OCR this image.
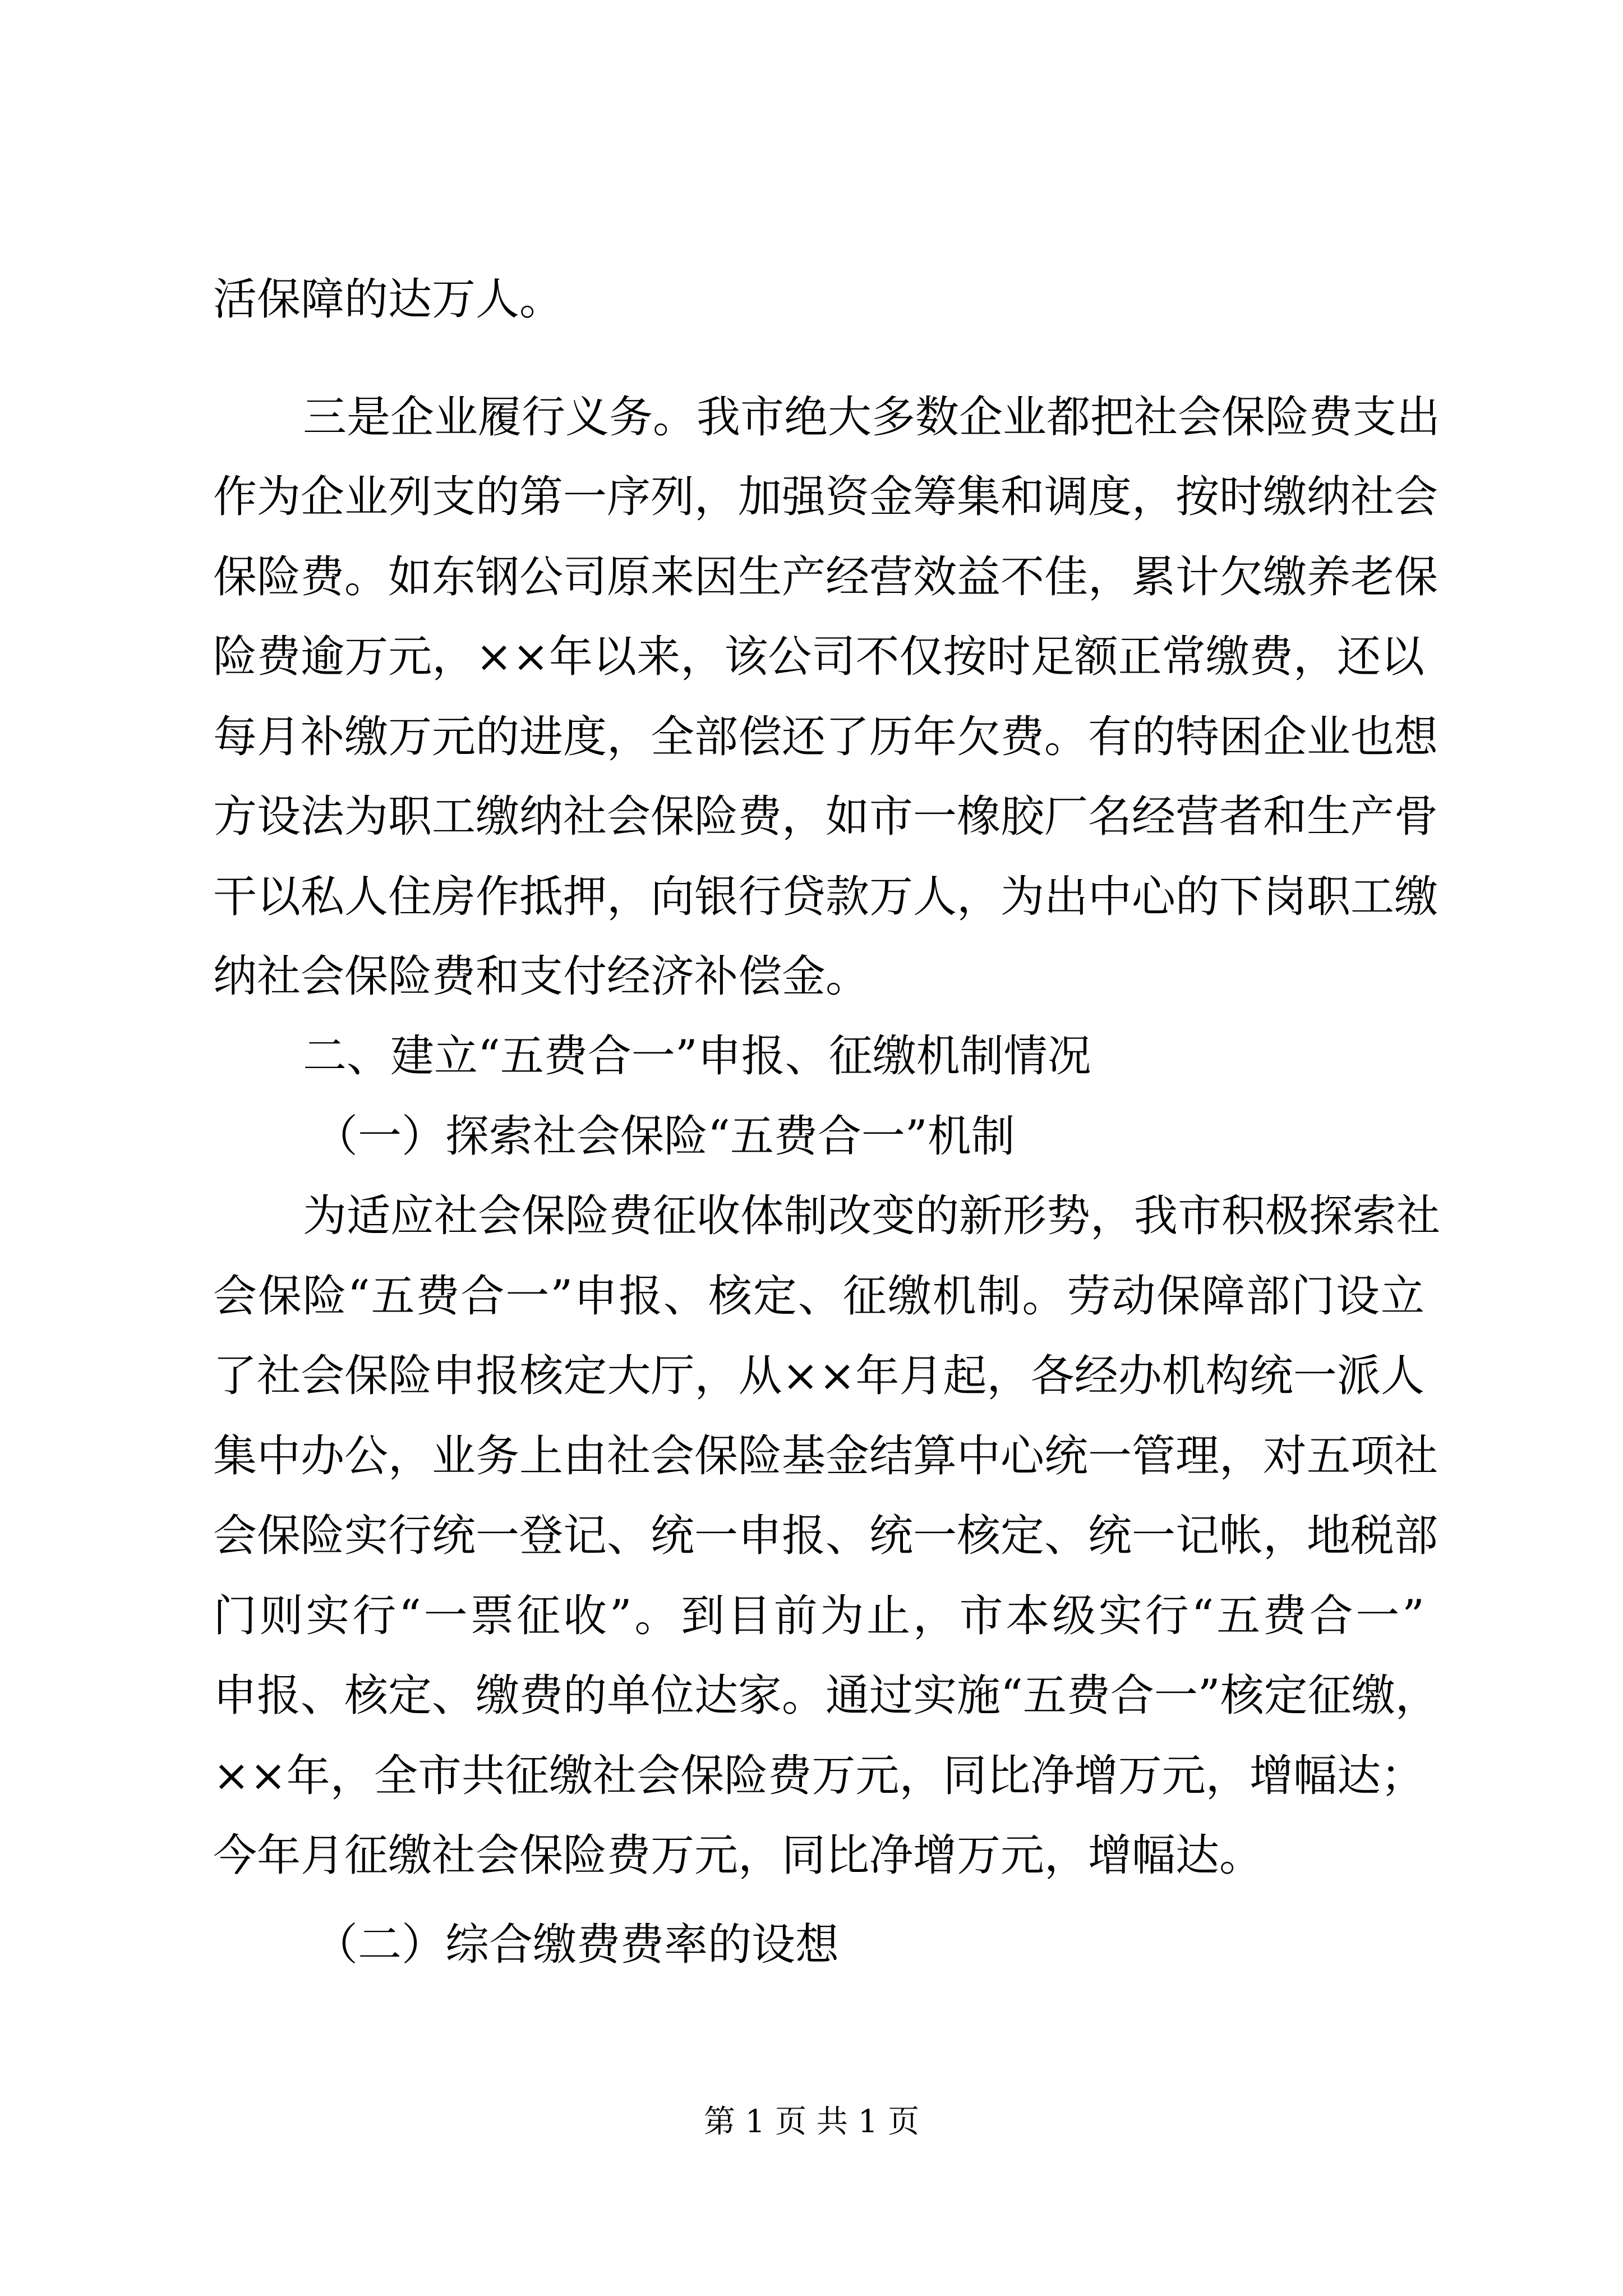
活保障的达万人。
三是企业履行义务。我市绝大多数企业都把社会保险费支出
作为企业列支的第一序列，加强资金筹集和调度，按时缴纳社会
保险费。如东钢公司原来因生产经营效益不佳，累计欠缴养老保
险费逾万元，××年以来，该公司不仅按时足额正常缴费，还以
每月补缴万元的进度，全部偿还了历年欠费。有的特困企业也想
方设法为职工缴纳社会保险费，如市一橡胶厂名经营者和生产骨
干以私人住房作抵押，向银行贷款万人，为出中心的下岗职工缴
纳社会保险费和支付经济补偿金。
二、建立“五费合一”申报、征缴机制情况
（一）探索社会保险“五费合一”机制
为适应社会保险费征收体制改变的新形势，我市积极探索社
会保险“五费合一”申报、核定、征缴机制。劳动保障部门设立
了社会保险申报核定大厅，从××年月起，各经办机构统一派人
集中办公，业务上由社会保险基金结算中心统一管理，对五项社
会保险实行统一登记、统一申报、统一核定、统一记帐，地税部
门则实行“一票征收”。到目前为止，市本级实行“五费合一”
申报、核定、缴费的单位达家。通过实施“五费合一”核定征缴，
××年，全市共征缴社会保险费万元，同比净增万元，增幅达；
今年月征缴社会保险费万元，同比净增万元，增幅达。
（二）综合缴费费率的设想
第 1 页 共 1 页
